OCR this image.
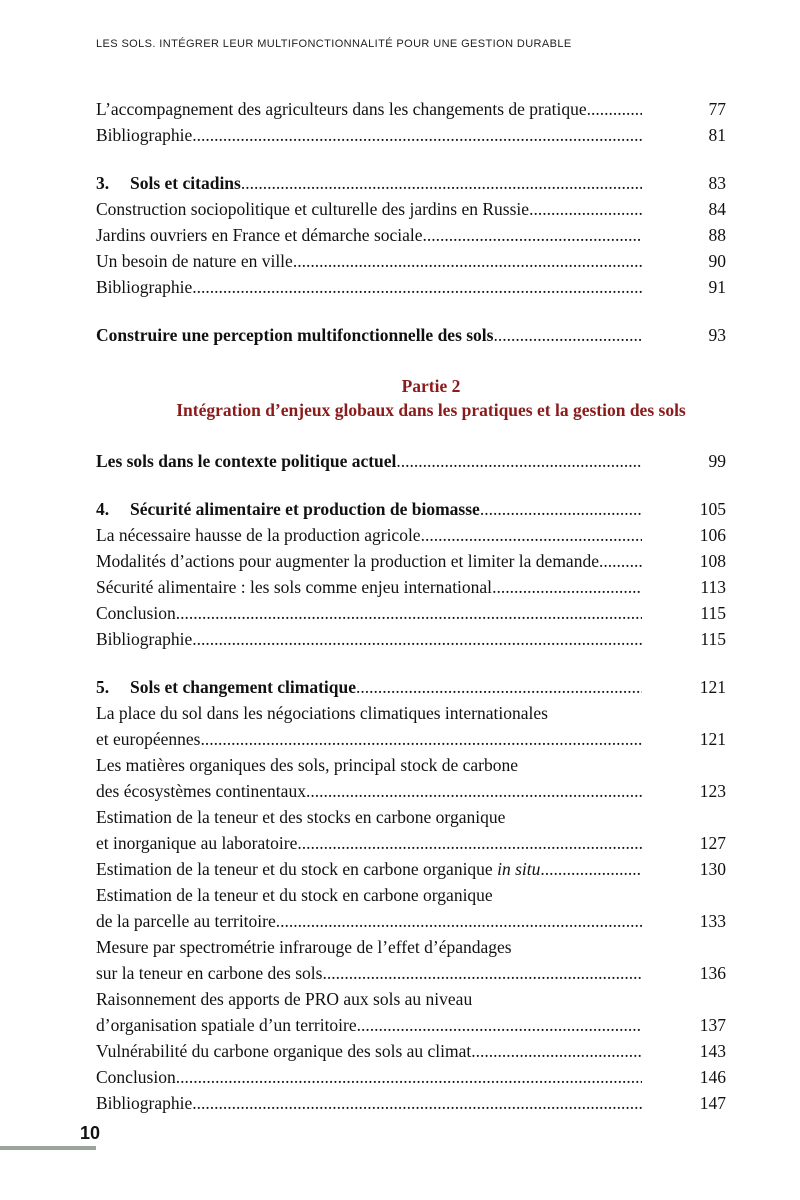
LES SOLS. INTÉGRER LEUR MULTIFONCTIONNALITÉ POUR UNE GESTION DURABLE
L’accompagnement des agriculteurs dans les changements de pratique .....	77
Bibliographie .....	81
3. Sols et citadins .....	83
Construction sociopolitique et culturelle des jardins en Russie .....	84
Jardins ouvriers en France et démarche sociale .....	88
Un besoin de nature en ville .....	90
Bibliographie .....	91
Construire une perception multifonctionnelle des sols .....	93
Partie 2
Intégration d’enjeux globaux dans les pratiques et la gestion des sols
Les sols dans le contexte politique actuel .....	99
4. Sécurité alimentaire et production de biomasse .....	105
La nécessaire hausse de la production agricole .....	106
Modalités d’actions pour augmenter la production et limiter la demande .....	108
Sécurité alimentaire : les sols comme enjeu international .....	113
Conclusion .....	115
Bibliographie .....	115
5. Sols et changement climatique .....	121
La place du sol dans les négociations climatiques internationales
et européennes .....	121
Les matières organiques des sols, principal stock de carbone
des écosystèmes continentaux .....	123
Estimation de la teneur et des stocks en carbone organique
et inorganique au laboratoire .....	127
Estimation de la teneur et du stock en carbone organique in situ .....	130
Estimation de la teneur et du stock en carbone organique
de la parcelle au territoire .....	133
Mesure par spectrométrie infrarouge de l’effet d’épandages
sur la teneur en carbone des sols .....	136
Raisonnement des apports de PRO aux sols au niveau
d’organisation spatiale d’un territoire .....	137
Vulnérabilité du carbone organique des sols au climat .....	143
Conclusion .....	146
Bibliographie .....	147
10
